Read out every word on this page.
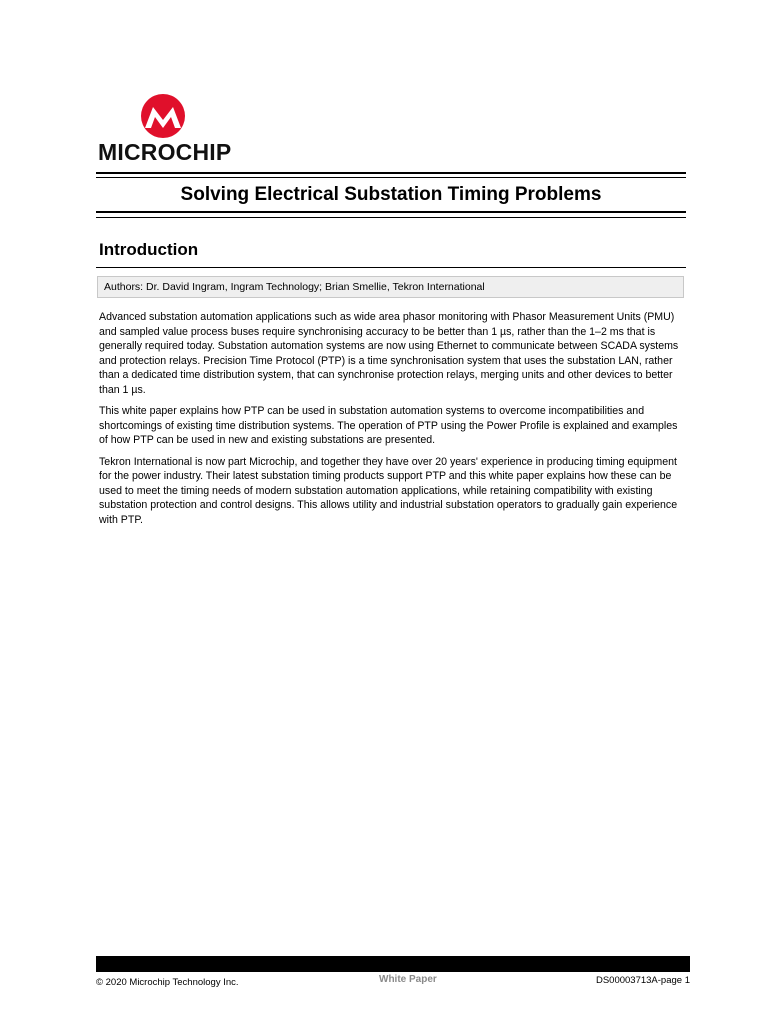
MICROCHIP
Solving Electrical Substation Timing Problems
Introduction
Authors: Dr. David Ingram, Ingram Technology; Brian Smellie, Tekron International

Advanced substation automation applications such as wide area phasor monitoring with Phasor Measurement Units (PMU) and sampled value process buses require synchronising accuracy to be better than 1 µs, rather than the 1–2 ms that is generally required today. Substation automation systems are now using Ethernet to communicate between SCADA systems and protection relays. Precision Time Protocol (PTP) is a time synchronisation system that uses the substation LAN, rather than a dedicated time distribution system, that can synchronise protection relays, merging units and other devices to better than 1 µs.

This white paper explains how PTP can be used in substation automation systems to overcome incompatibilities and shortcomings of existing time distribution systems. The operation of PTP using the Power Profile is explained and examples of how PTP can be used in new and existing substations are presented.

Tekron International is now part Microchip, and together they have over 20 years' experience in producing timing equipment for the power industry. Their latest substation timing products support PTP and this white paper explains how these can be used to meet the timing needs of modern substation automation applications, while retaining compatibility with existing substation protection and control designs. This allows utility and industrial substation operators to gradually gain experience with PTP.

© 2020 Microchip Technology Inc.	White Paper	DS00003713A-page 1
